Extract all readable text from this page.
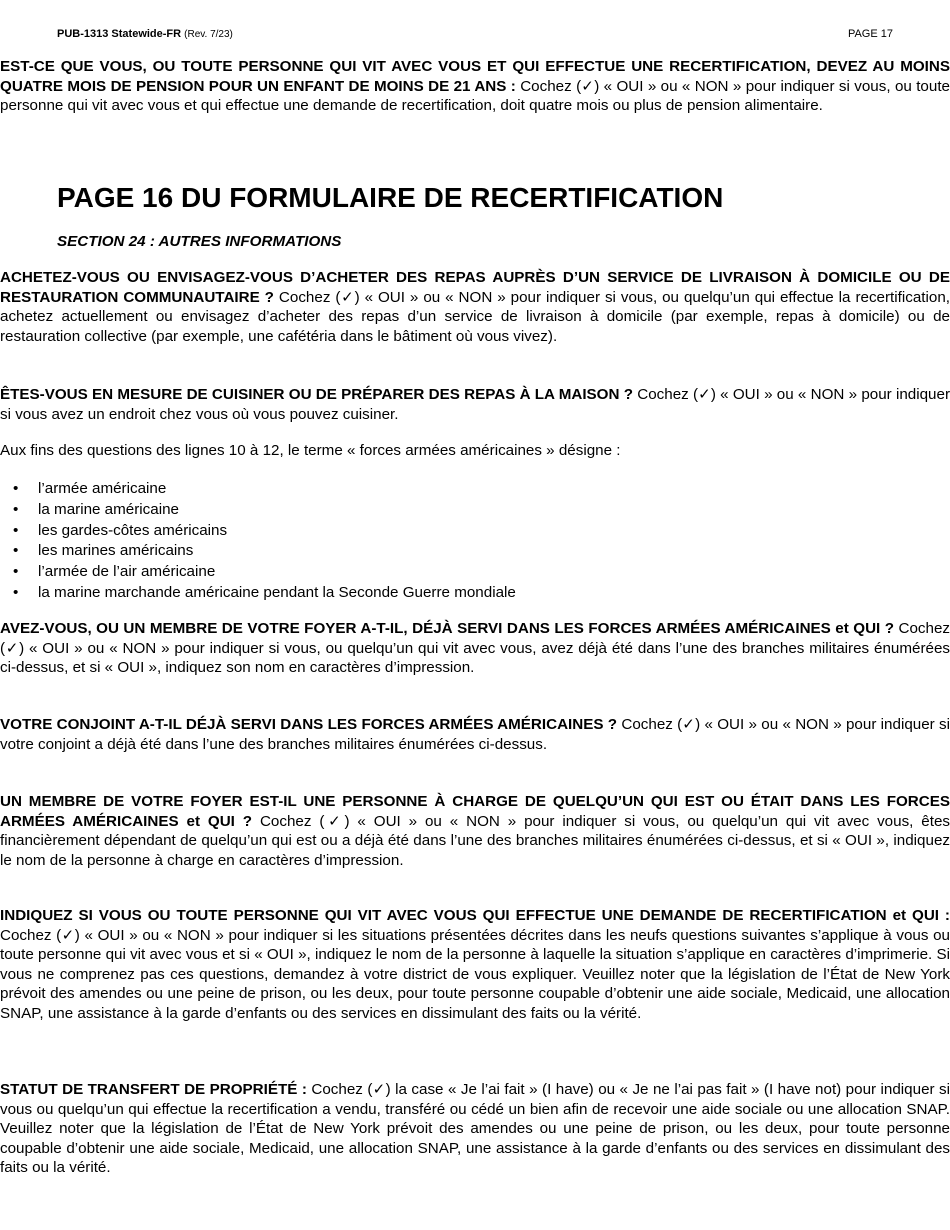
PUB-1313 Statewide-FR (Rev. 7/23)	PAGE 17

EST-CE QUE VOUS, OU TOUTE PERSONNE QUI VIT AVEC VOUS ET QUI EFFECTUE UNE RECERTIFICATION, DEVEZ AU MOINS QUATRE MOIS DE PENSION POUR UN ENFANT DE MOINS DE 21 ANS : Cochez (✓) « OUI » ou « NON » pour indiquer si vous, ou toute personne qui vit avec vous et qui effectue une demande de recertification, doit quatre mois ou plus de pension alimentaire.

PAGE 16 DU FORMULAIRE DE RECERTIFICATION
SECTION 24 : AUTRES INFORMATIONS

ACHETEZ-VOUS OU ENVISAGEZ-VOUS D’ACHETER DES REPAS AUPRÈS D’UN SERVICE DE LIVRAISON À DOMICILE OU DE RESTAURATION COMMUNAUTAIRE ? Cochez (✓) « OUI » ou « NON » pour indiquer si vous, ou quelqu’un qui effectue la recertification, achetez actuellement ou envisagez d’acheter des repas d’un service de livraison à domicile (par exemple, repas à domicile) ou de restauration collective (par exemple, une cafétéria dans le bâtiment où vous vivez).

ÊTES-VOUS EN MESURE DE CUISINER OU DE PRÉPARER DES REPAS À LA MAISON ? Cochez (✓) « OUI » ou « NON » pour indiquer si vous avez un endroit chez vous où vous pouvez cuisiner.

Aux fins des questions des lignes 10 à 12, le terme « forces armées américaines » désigne :

• l’armée américaine
• la marine américaine
• les gardes-côtes américains
• les marines américains
• l’armée de l’air américaine
• la marine marchande américaine pendant la Seconde Guerre mondiale

AVEZ-VOUS, OU UN MEMBRE DE VOTRE FOYER A-T-IL, DÉJÀ SERVI DANS LES FORCES ARMÉES AMÉRICAINES et QUI ? Cochez (✓) « OUI » ou « NON » pour indiquer si vous, ou quelqu’un qui vit avec vous, avez déjà été dans l’une des branches militaires énumérées ci-dessus, et si « OUI », indiquez son nom en caractères d’impression.

VOTRE CONJOINT A-T-IL DÉJÀ SERVI DANS LES FORCES ARMÉES AMÉRICAINES ? Cochez (✓) « OUI » ou « NON » pour indiquer si votre conjoint a déjà été dans l’une des branches militaires énumérées ci-dessus.

UN MEMBRE DE VOTRE FOYER EST-IL UNE PERSONNE À CHARGE DE QUELQU’UN QUI EST OU ÉTAIT DANS LES FORCES ARMÉES AMÉRICAINES et QUI ? Cochez (✓) « OUI » ou « NON » pour indiquer si vous, ou quelqu’un qui vit avec vous, êtes financièrement dépendant de quelqu’un qui est ou a déjà été dans l’une des branches militaires énumérées ci-dessus, et si « OUI », indiquez le nom de la personne à charge en caractères d’impression.

INDIQUEZ SI VOUS OU TOUTE PERSONNE QUI VIT AVEC VOUS QUI EFFECTUE UNE DEMANDE DE RECERTIFICATION et QUI : Cochez (✓) « OUI » ou « NON » pour indiquer si les situations présentées décrites dans les neufs questions suivantes s’applique à vous ou toute personne qui vit avec vous et si « OUI », indiquez le nom de la personne à laquelle la situation s’applique en caractères d’imprimerie. Si vous ne comprenez pas ces questions, demandez à votre district de vous expliquer. Veuillez noter que la législation de l’État de New York prévoit des amendes ou une peine de prison, ou les deux, pour toute personne coupable d’obtenir une aide sociale, Medicaid, une allocation SNAP, une assistance à la garde d’enfants ou des services en dissimulant des faits ou la vérité.

STATUT DE TRANSFERT DE PROPRIÉTÉ : Cochez (✓) la case « Je l’ai fait » (I have) ou « Je ne l’ai pas fait » (I have not) pour indiquer si vous ou quelqu’un qui effectue la recertification a vendu, transféré ou cédé un bien afin de recevoir une aide sociale ou une allocation SNAP. Veuillez noter que la législation de l’État de New York prévoit des amendes ou une peine de prison, ou les deux, pour toute personne coupable d’obtenir une aide sociale, Medicaid, une allocation SNAP, une assistance à la garde d’enfants ou des services en dissimulant des faits ou la vérité.
